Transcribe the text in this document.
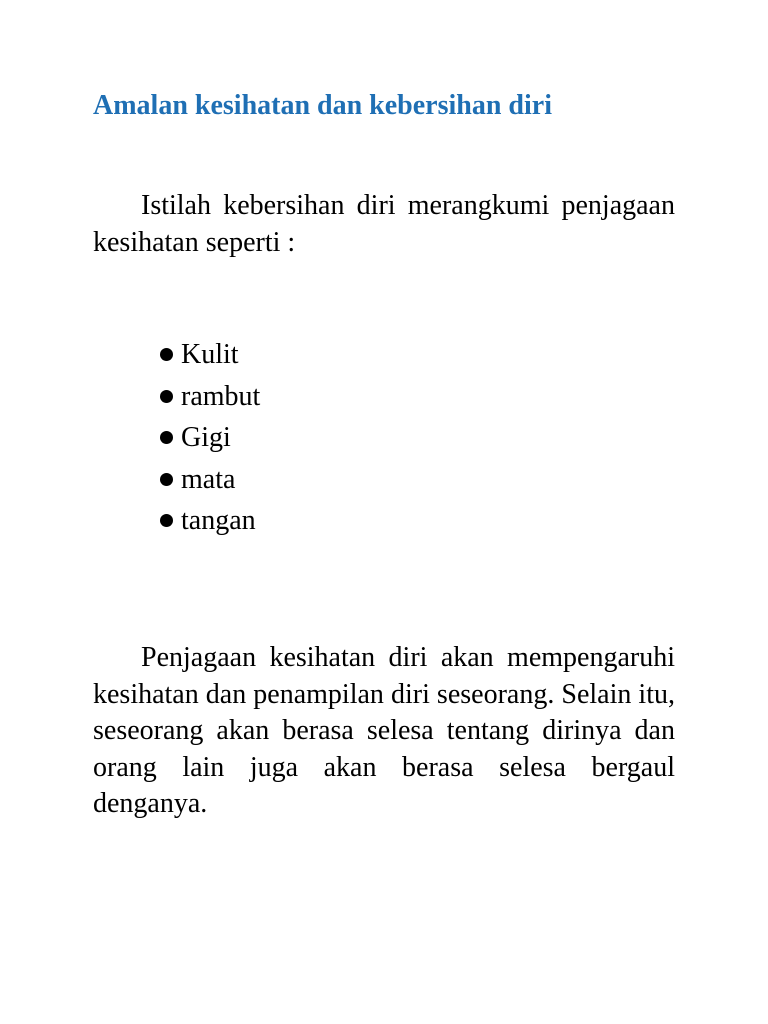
Amalan kesihatan dan kebersihan diri

Istilah kebersihan diri merangkumi penjagaan kesihatan seperti :

Kulit
rambut
Gigi
mata
tangan

Penjagaan kesihatan diri akan mempengaruhi kesihatan dan penampilan diri seseorang. Selain itu, seseorang akan berasa selesa tentang dirinya dan orang lain juga akan berasa selesa bergaul denganya.
